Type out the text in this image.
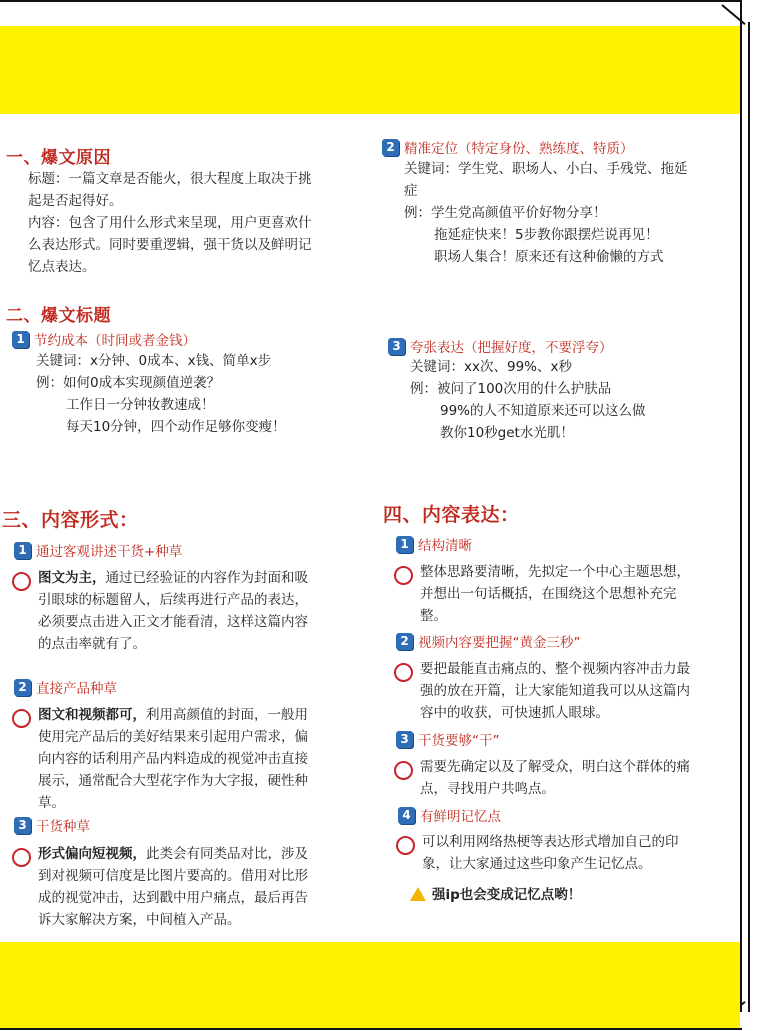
一、爆文原因
标题：一篇文章是否能火，很大程度上取决于挑
起是否起得好。
内容：包含了用什么形式来呈现，用户更喜欢什
么表达形式。同时要重逻辑，强干货以及鲜明记
忆点表达。
2 精准定位（特定身份、熟练度、特质）
关键词：学生党、职场人、小白、手残党、拖延
症
例：学生党高颜值平价好物分享！
拖延症快来！5步教你跟摆烂说再见！
职场人集合！原来还有这种偷懒的方式
二、爆文标题
1 节约成本（时间或者金钱）
关键词：x分钟、0成本、x钱、简单x步
例：如何0成本实现颜值逆袭？
工作日一分钟妆教速成！
每天10分钟，四个动作足够你变瘦！
3 夸张表达（把握好度，不要浮夸）
关键词：xx次、99%、x秒
例：被问了100次用的什么护肤品
99%的人不知道原来还可以这么做
教你10秒get水光肌！
三、内容形式：
1 通过客观讲述干货+种草
图文为主，通过已经验证的内容作为封面和吸
引眼球的标题留人，后续再进行产品的表达，
必须要点击进入正文才能看清，这样这篇内容
的点击率就有了。
2 直接产品种草
图文和视频都可，利用高颜值的封面，一般用
使用完产品后的美好结果来引起用户需求，偏
向内容的话利用产品内料造成的视觉冲击直接
展示，通常配合大型花字作为大字报，硬性种
草。
3 干货种草
形式偏向短视频，此类会有同类品对比，涉及
到对视频可信度是比图片要高的。借用对比形
成的视觉冲击，达到戳中用户痛点，最后再告
诉大家解决方案，中间植入产品。
四、内容表达：
1 结构清晰
整体思路要清晰，先拟定一个中心主题思想，
并想出一句话概括，在围绕这个思想补充完
整。
2 视频内容要把握“黄金三秒”
要把最能直击痛点的、整个视频内容冲击力最
强的放在开篇，让大家能知道我可以从这篇内
容中的收获，可快速抓人眼球。
3 干货要够“干”
需要先确定以及了解受众，明白这个群体的痛
点，寻找用户共鸣点。
4 有鲜明记忆点
可以利用网络热梗等表达形式增加自己的印
象，让大家通过这些印象产生记忆点。
强ip也会变成记忆点哟！
